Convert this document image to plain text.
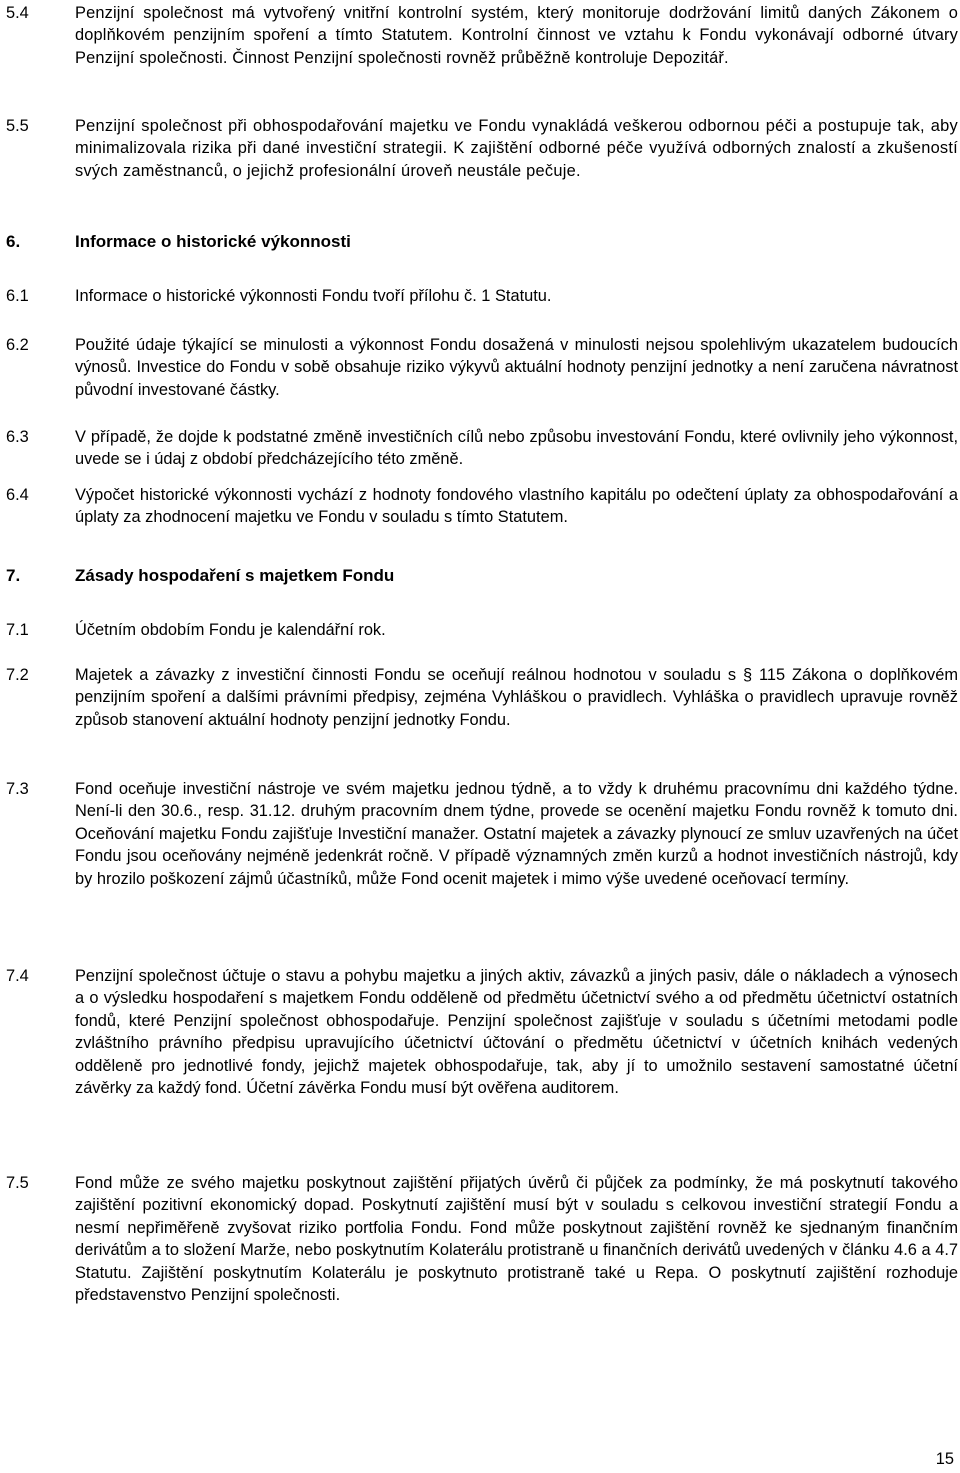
5.4	Penzijní společnost má vytvořený vnitřní kontrolní systém, který monitoruje dodržování limitů daných Zákonem o doplňkovém penzijním spoření a tímto Statutem. Kontrolní činnost ve vztahu k Fondu vykonávají odborné útvary Penzijní společnosti. Činnost Penzijní společnosti rovněž průběžně kontroluje Depozitář.
5.5	Penzijní společnost při obhospodařování majetku ve Fondu vynakládá veškerou odbornou péči a postupuje tak, aby minimalizovala rizika při dané investiční strategii. K zajištění odborné péče využívá odborných znalostí a zkušeností svých zaměstnanců, o jejichž profesionální úroveň neustále pečuje.
6.	Informace o historické výkonnosti
6.1	Informace o historické výkonnosti Fondu tvoří přílohu č. 1 Statutu.
6.2	Použité údaje týkající se minulosti a výkonnost Fondu dosažená v minulosti nejsou spolehlivým ukazatelem budoucích výnosů. Investice do Fondu v sobě obsahuje riziko výkyvů aktuální hodnoty penzijní jednotky a není zaručena návratnost původní investované částky.
6.3	V případě, že dojde k podstatné změně investičních cílů nebo způsobu investování Fondu, které ovlivnily jeho výkonnost, uvede se i údaj z období předcházejícího této změně.
6.4	Výpočet historické výkonnosti vychází z hodnoty fondového vlastního kapitálu po odečtení úplaty za obhospodařování a úplaty za zhodnocení majetku ve Fondu v souladu s tímto Statutem.
7.	Zásady hospodaření s majetkem Fondu
7.1	Účetním obdobím Fondu je kalendářní rok.
7.2	Majetek a závazky z investiční činnosti Fondu se oceňují reálnou hodnotou v souladu s § 115 Zákona o doplňkovém penzijním spoření a dalšími právními předpisy, zejména Vyhláškou o pravidlech. Vyhláška o pravidlech upravuje rovněž způsob stanovení aktuální hodnoty penzijní jednotky Fondu.
7.3	Fond oceňuje investiční nástroje ve svém majetku jednou týdně, a to vždy k druhému pracovnímu dni každého týdne. Není-li den 30.6., resp. 31.12. druhým pracovním dnem týdne, provede se ocenění majetku Fondu rovněž k tomuto dni. Oceňování majetku Fondu zajišťuje Investiční manažer. Ostatní majetek a závazky plynoucí ze smluv uzavřených na účet Fondu jsou oceňovány nejméně jedenkrát ročně. V případě významných změn kurzů a hodnot investičních nástrojů, kdy by hrozilo poškození zájmů účastníků, může Fond ocenit majetek i mimo výše uvedené oceňovací termíny.
7.4	Penzijní společnost účtuje o stavu a pohybu majetku a jiných aktiv, závazků a jiných pasiv, dále o nákladech a výnosech a o výsledku hospodaření s majetkem Fondu odděleně od předmětu účetnictví svého a od předmětu účetnictví ostatních fondů, které Penzijní společnost obhospodařuje. Penzijní společnost zajišťuje v souladu s účetními metodami podle zvláštního právního předpisu upravujícího účetnictví účtování o předmětu účetnictví v účetních knihách vedených odděleně pro jednotlivé fondy, jejichž majetek obhospodařuje, tak, aby jí to umožnilo sestavení samostatné účetní závěrky za každý fond. Účetní závěrka Fondu musí být ověřena auditorem.
7.5	Fond může ze svého majetku poskytnout zajištění přijatých úvěrů či půjček za podmínky, že má poskytnutí takového zajištění pozitivní ekonomický dopad. Poskytnutí zajištění musí být v souladu s celkovou investiční strategií Fondu a nesmí nepřiměřeně zvyšovat riziko portfolia Fondu. Fond může poskytnout zajištění rovněž ke sjednaným finančním derivátům a to složení Marže, nebo poskytnutím Kolaterálu protistraně u finančních derivátů uvedených v článku 4.6 a 4.7 Statutu. Zajištění poskytnutím Kolaterálu je poskytnuto protistraně také u Repa. O poskytnutí zajištění rozhoduje představenstvo Penzijní společnosti.
15
